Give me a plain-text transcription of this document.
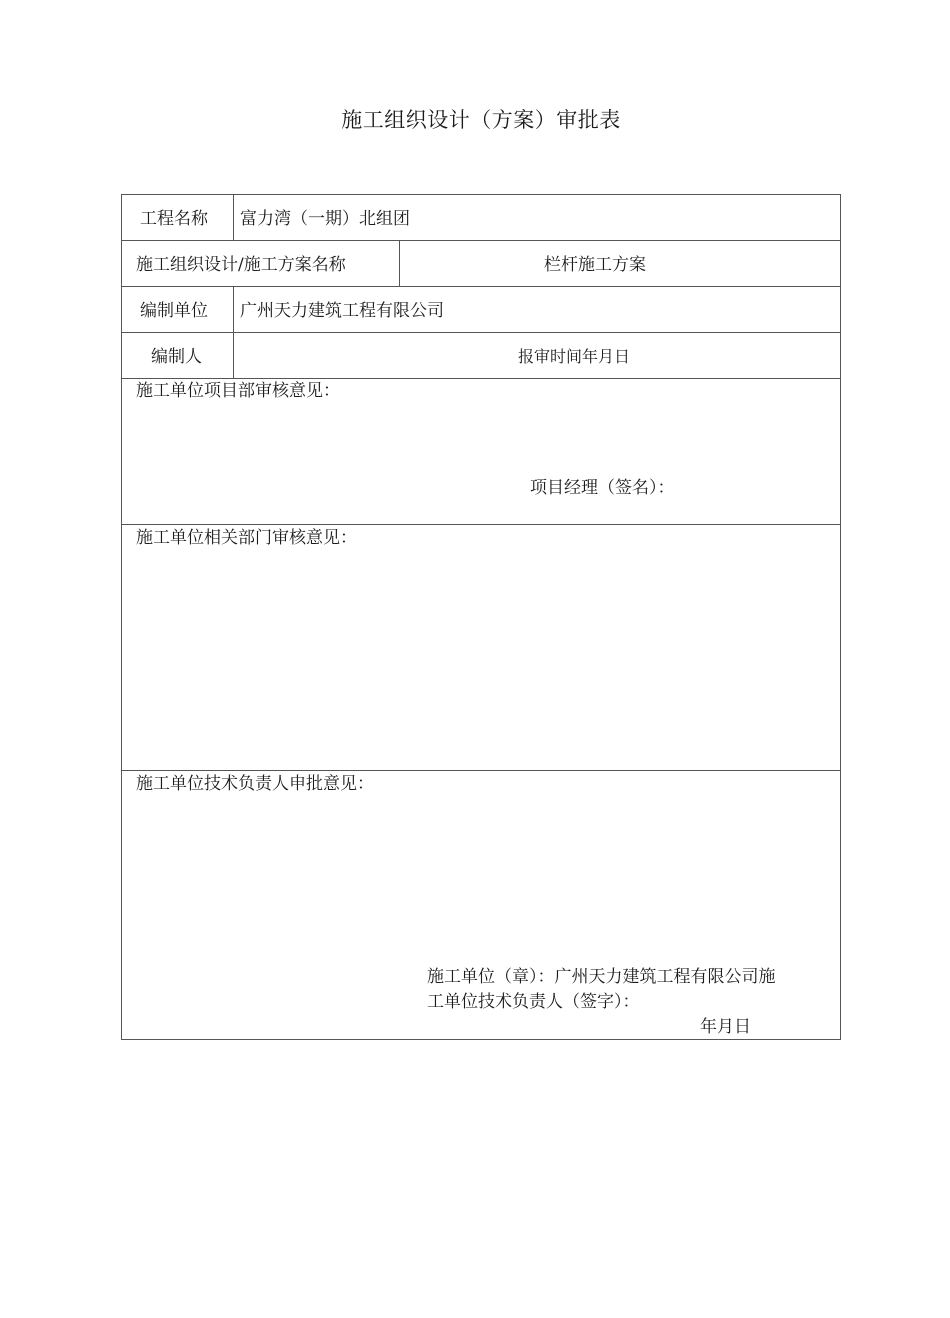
施工组织设计（方案）审批表
工程名称 富力湾（一期）北组团
施工组织设计/施工方案名称	栏杆施工方案
编制单位 广州天力建筑工程有限公司
编制人	报审时间年月日
施工单位项目部审核意见：
项目经理（签名）：
施工单位相关部门审核意见：
施工单位技术负责人申批意见：
施工单位（章）：广州天力建筑工程有限公司施
工单位技术负责人（签字）：
年月日
